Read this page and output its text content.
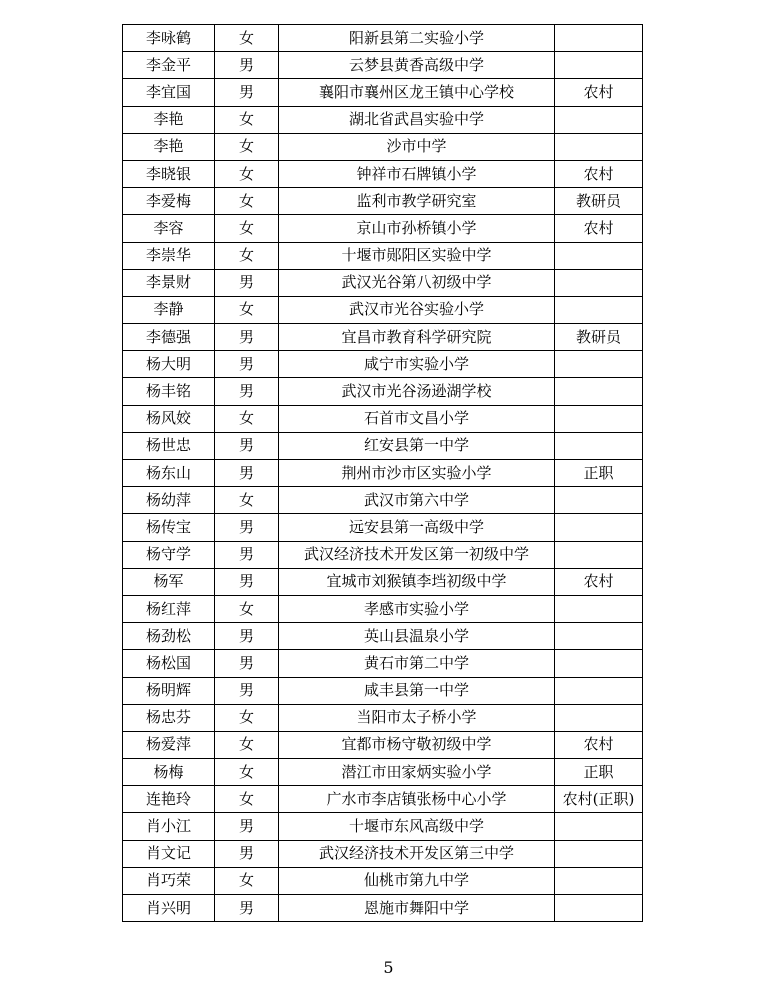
李咏鹤	女	阳新县第二实验小学	
李金平	男	云梦县黄香高级中学	
李宜国	男	襄阳市襄州区龙王镇中心学校	农村
李艳	女	湖北省武昌实验中学	
李艳	女	沙市中学	
李晓银	女	钟祥市石牌镇小学	农村
李爱梅	女	监利市教学研究室	教研员
李容	女	京山市孙桥镇小学	农村
李崇华	女	十堰市郧阳区实验中学	
李景财	男	武汉光谷第八初级中学	
李静	女	武汉市光谷实验小学	
李德强	男	宜昌市教育科学研究院	教研员
杨大明	男	咸宁市实验小学	
杨丰铭	男	武汉市光谷汤逊湖学校	
杨风姣	女	石首市文昌小学	
杨世忠	男	红安县第一中学	
杨东山	男	荆州市沙市区实验小学	正职
杨幼萍	女	武汉市第六中学	
杨传宝	男	远安县第一高级中学	
杨守学	男	武汉经济技术开发区第一初级中学	
杨军	男	宜城市刘猴镇李垱初级中学	农村
杨红萍	女	孝感市实验小学	
杨劲松	男	英山县温泉小学	
杨松国	男	黄石市第二中学	
杨明辉	男	咸丰县第一中学	
杨忠芬	女	当阳市太子桥小学	
杨爱萍	女	宜都市杨守敬初级中学	农村
杨梅	女	潜江市田家炳实验小学	正职
连艳玲	女	广水市李店镇张杨中心小学	农村(正职)
肖小江	男	十堰市东风高级中学	
肖文记	男	武汉经济技术开发区第三中学	
肖巧荣	女	仙桃市第九中学	
肖兴明	男	恩施市舞阳中学	
5
